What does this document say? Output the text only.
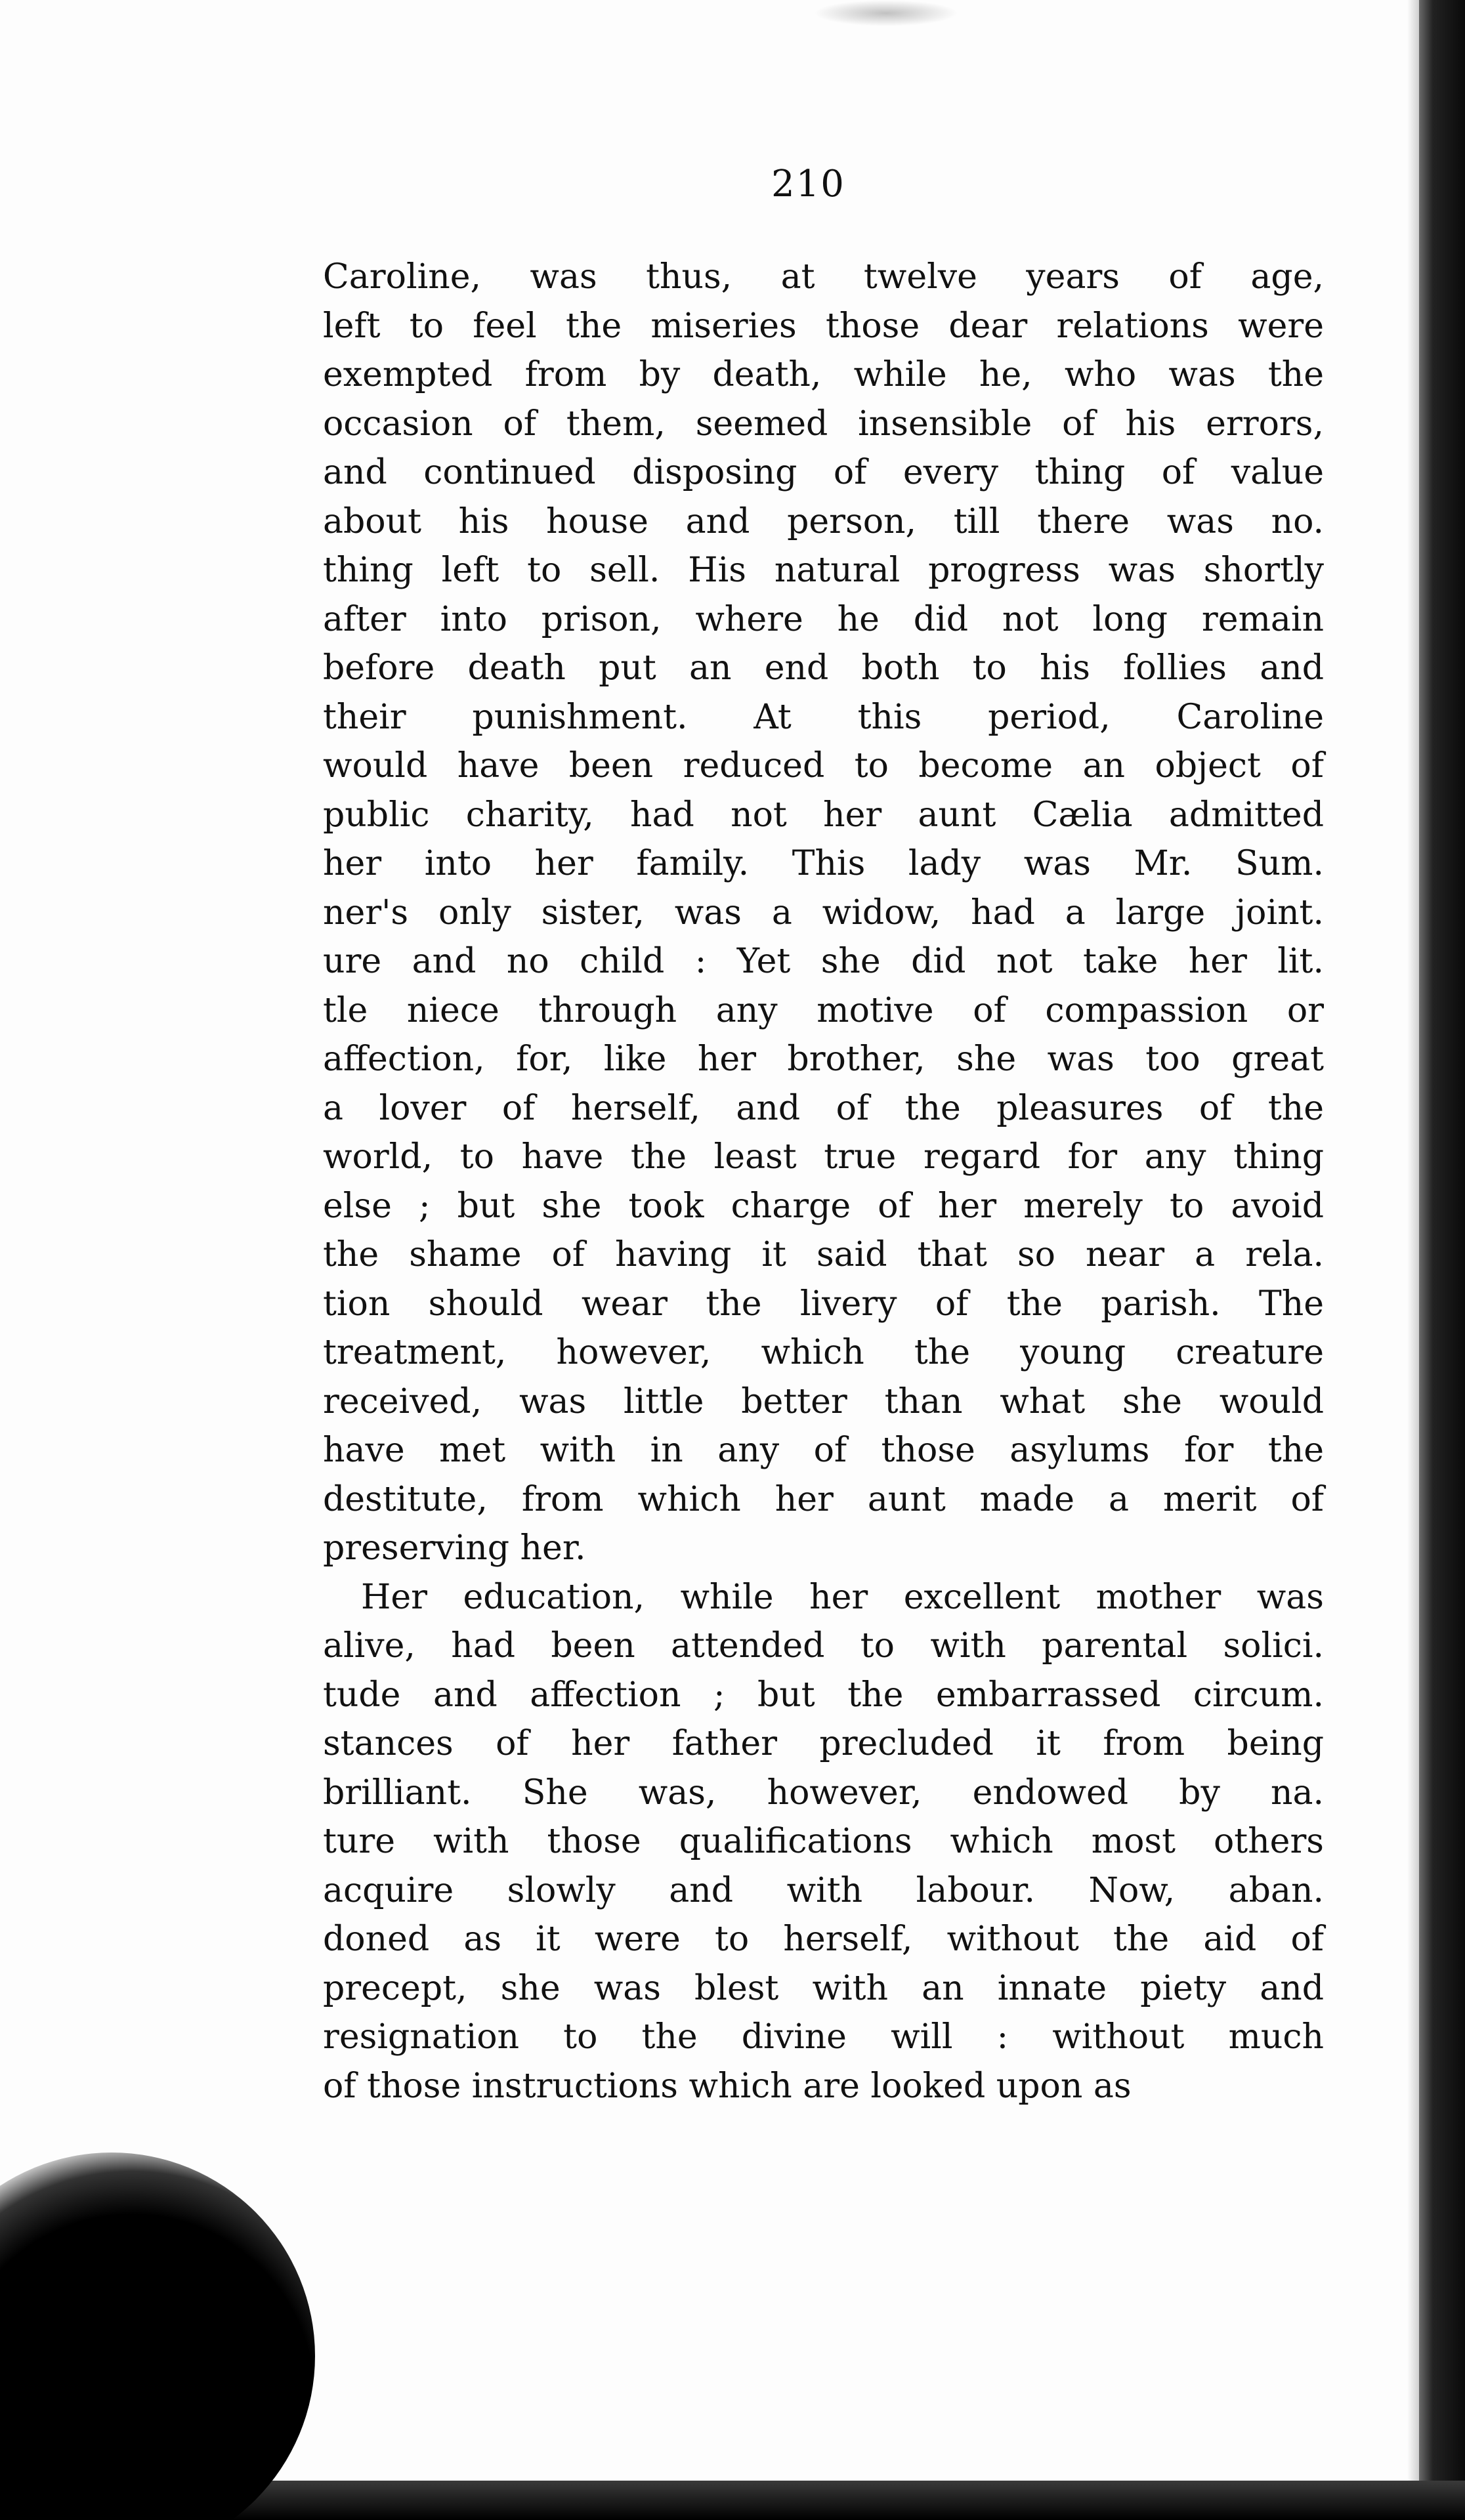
210
Caroline, was thus, at twelve years of age,
left to feel the miseries those dear relations were
exempted from by death, while he, who was the
occasion of them, seemed insensible of his errors,
and continued disposing of every thing of value
about his house and person, till there was no.
thing left to sell. His natural progress was shortly
after into prison, where he did not long remain
before death put an end both to his follies and
their punishment. At this period, Caroline
would have been reduced to become an object of
public charity, had not her aunt Cælia admitted
her into her family. This lady was Mr. Sum.
ner's only sister, was a widow, had a large joint.
ure and no child : Yet she did not take her lit.
tle niece through any motive of compassion or
affection, for, like her brother, she was too great
a lover of herself, and of the pleasures of the
world, to have the least true regard for any thing
else ; but she took charge of her merely to avoid
the shame of having it said that so near a rela.
tion should wear the livery of the parish. The
treatment, however, which the young creature
received, was little better than what she would
have met with in any of those asylums for the
destitute, from which her aunt made a merit of
preserving her.
Her education, while her excellent mother was
alive, had been attended to with parental solici.
tude and affection ; but the embarrassed circum.
stances of her father precluded it from being
brilliant. She was, however, endowed by na.
ture with those qualifications which most others
acquire slowly and with labour. Now, aban.
doned as it were to herself, without the aid of
precept, she was blest with an innate piety and
resignation to the divine will : without much
of those instructions which are looked upon as
